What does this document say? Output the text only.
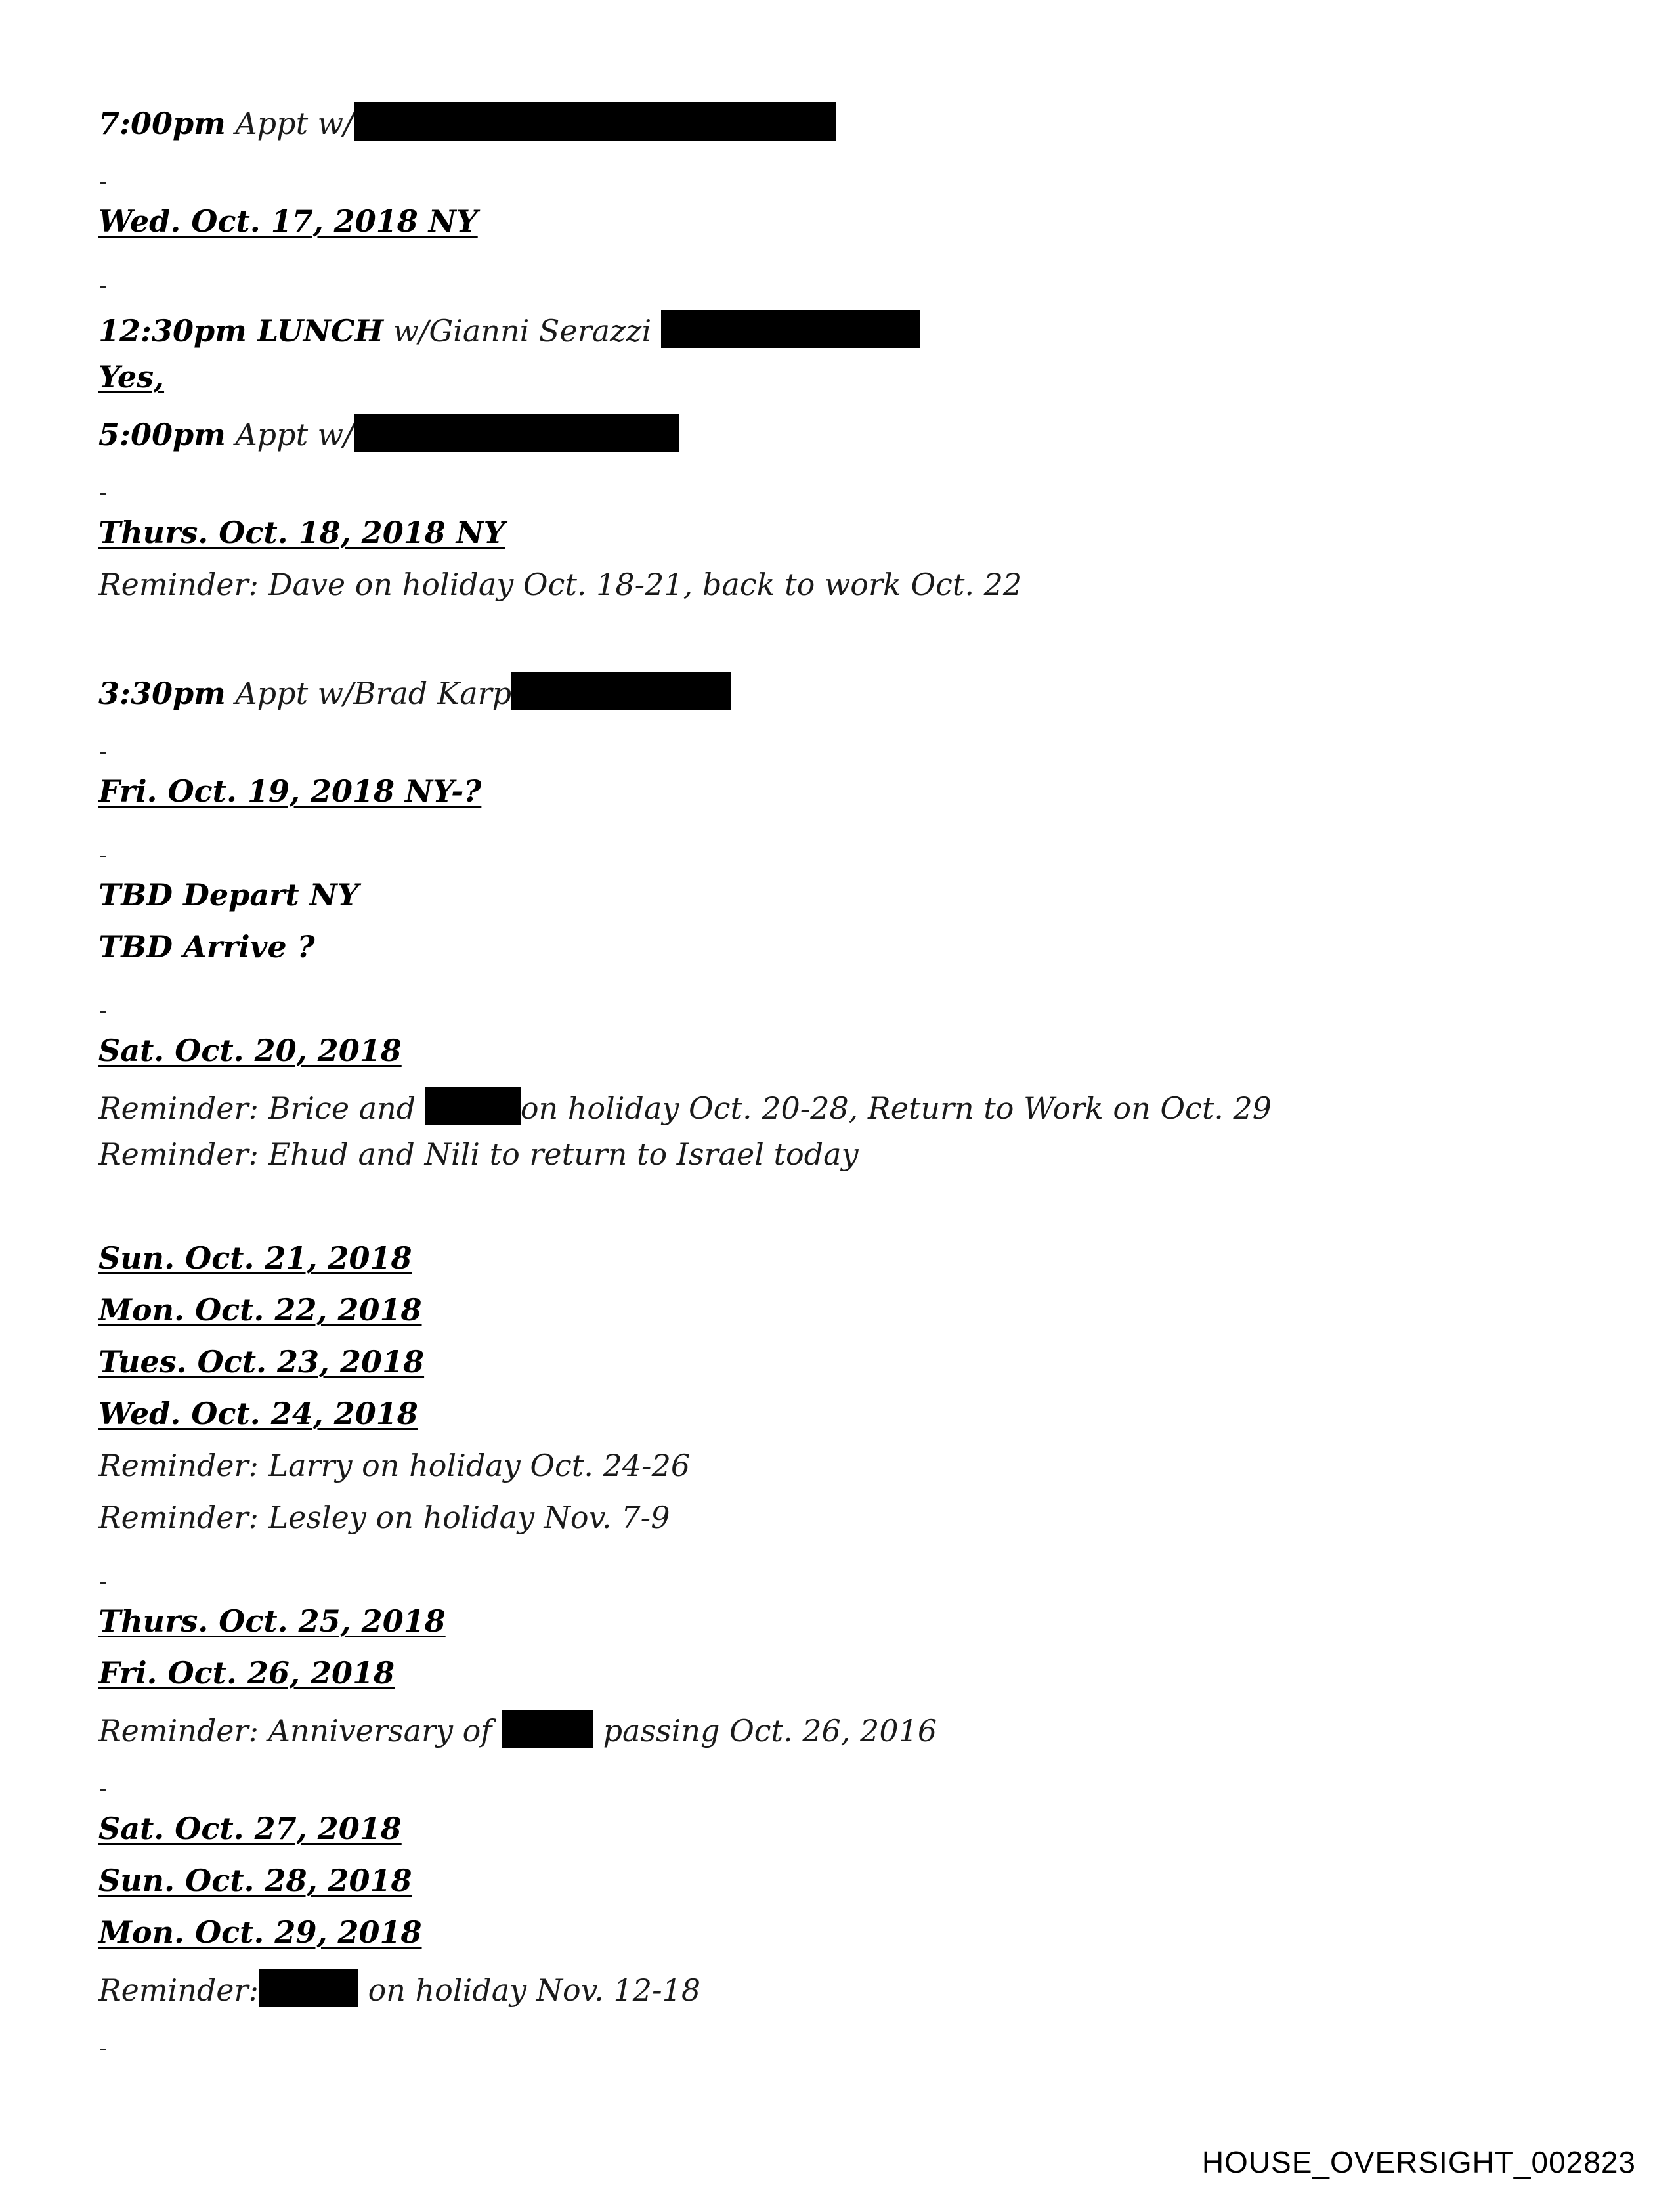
7:00pm Appt w/
Wed. Oct. 17, 2018 NY
12:30pm LUNCH w/Gianni Serazzi
Yes,
5:00pm Appt w/
Thurs. Oct. 18, 2018 NY
Reminder: Dave on holiday Oct. 18-21, back to work Oct. 22
3:30pm Appt w/Brad Karp
Fri. Oct. 19, 2018 NY-?
TBD Depart NY
TBD Arrive ?
Sat. Oct. 20, 2018
Reminder: Brice and	on holiday Oct. 20-28, Return to Work on Oct. 29
Reminder: Ehud and Nili to return to Israel today
Sun. Oct. 21, 2018
Mon. Oct. 22, 2018
Tues. Oct. 23, 2018
Wed. Oct. 24, 2018
Reminder: Larry on holiday Oct. 24-26
Reminder: Lesley on holiday Nov. 7-9
Thurs. Oct. 25, 2018
Fri. Oct. 26, 2018
Reminder: Anniversary of	passing Oct. 26, 2016
Sat. Oct. 27, 2018
Sun. Oct. 28, 2018
Mon. Oct. 29, 2018
Reminder:	on holiday Nov. 12-18
HOUSE_OVERSIGHT_002823
